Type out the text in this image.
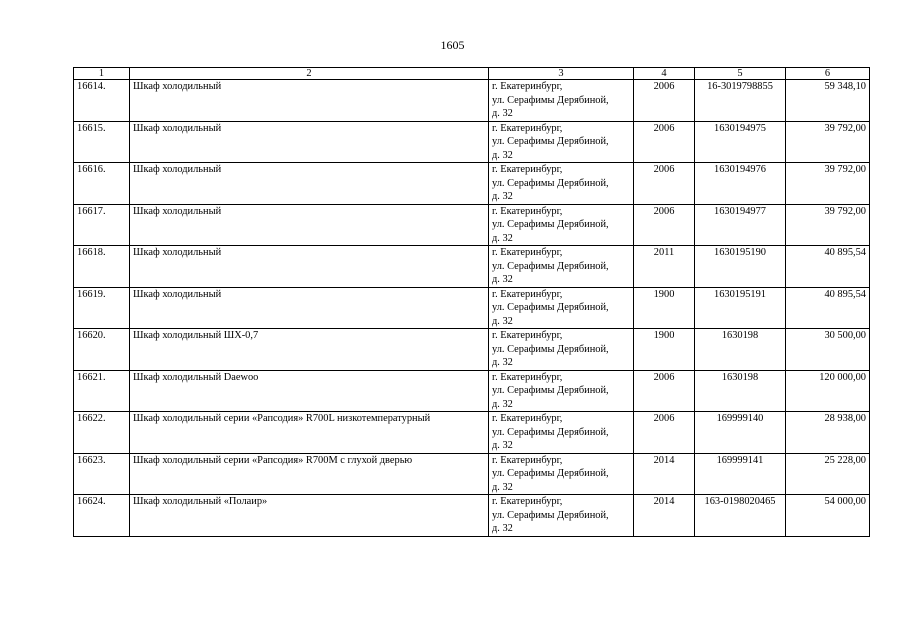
1605
1	2	3	4	5	6
16614.	Шкаф холодильный	г. Екатеринбург,
ул. Серафимы Дерябиной,
д. 32	2006	16-3019798855	59 348,10
16615.	Шкаф холодильный	г. Екатеринбург,
ул. Серафимы Дерябиной,
д. 32	2006	1630194975	39 792,00
16616.	Шкаф холодильный	г. Екатеринбург,
ул. Серафимы Дерябиной,
д. 32	2006	1630194976	39 792,00
16617.	Шкаф холодильный	г. Екатеринбург,
ул. Серафимы Дерябиной,
д. 32	2006	1630194977	39 792,00
16618.	Шкаф холодильный	г. Екатеринбург,
ул. Серафимы Дерябиной,
д. 32	2011	1630195190	40 895,54
16619.	Шкаф холодильный	г. Екатеринбург,
ул. Серафимы Дерябиной,
д. 32	1900	1630195191	40 895,54
16620.	Шкаф холодильный ШХ-0,7	г. Екатеринбург,
ул. Серафимы Дерябиной,
д. 32	1900	1630198	30 500,00
16621.	Шкаф холодильный Daewoo	г. Екатеринбург,
ул. Серафимы Дерябиной,
д. 32	2006	1630198	120 000,00
16622.	Шкаф холодильный серии «Рапсодия» R700L низкотемпературный	г. Екатеринбург,
ул. Серафимы Дерябиной,
д. 32	2006	169999140	28 938,00
16623.	Шкаф холодильный серии «Рапсодия» R700M с глухой дверью	г. Екатеринбург,
ул. Серафимы Дерябиной,
д. 32	2014	169999141	25 228,00
16624.	Шкаф холодильный «Полаир»	г. Екатеринбург,
ул. Серафимы Дерябиной,
д. 32	2014	163-0198020465	54 000,00
